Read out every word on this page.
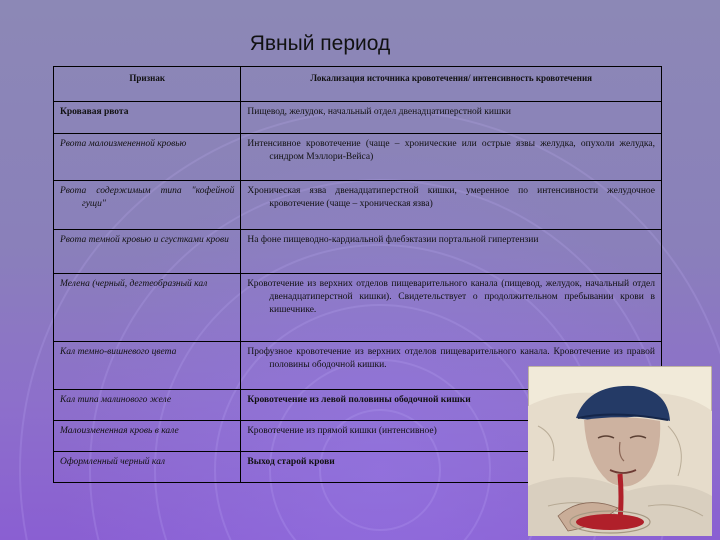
Явный период
Признак	Локализация источника кровотечения/ интенсивность кровотечения

Кровавая рвота	Пищевод, желудок, начальный отдел двенадцатиперстной кишки

Рвота малоизмененной кровью	Интенсивное кровотечение (чаще – хронические или острые язвы желудка, опухоли желудка, синдром Мэллори-Вейса)

Рвота содержимым типа "кофейной гущи"	Хроническая язва двенадцатиперстной кишки, умеренное по интенсивности желудочное кровотечение (чаще – хроническая язва)

Рвота темной кровью и сгустками крови	На фоне пищеводно-кардиальной флебэктазии портальной гипертензии

Мелена (черный, дегтеобразный кал	Кровотечение из верхних отделов пищеварительного канала (пищевод, желудок, начальный отдел двенадцатиперстной кишки). Свидетельствует о продолжительном пребывании крови в кишечнике.

Кал темно-вишневого цвета	Профузное кровотечение из верхних отделов пищеварительного канала. Кровотечение из правой половины ободочной кишки.

Кал типа малинового желе	Кровотечение из левой половины ободочной кишки

Малоизмененная кровь в кале	Кровотечение из прямой кишки (интенсивное)

Оформленный черный кал	Выход старой крови
